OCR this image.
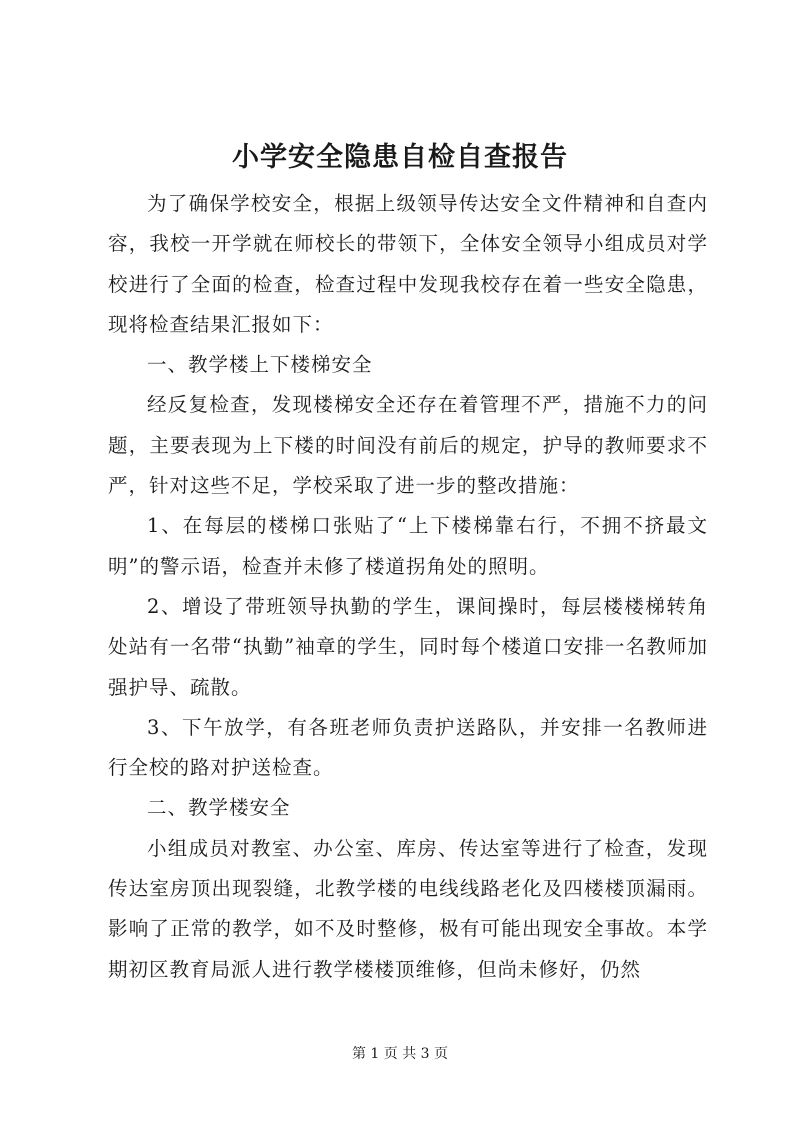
小学安全隐患自检自查报告

为了确保学校安全，根据上级领导传达安全文件精神和自查内容，我校一开学就在师校长的带领下，全体安全领导小组成员对学校进行了全面的检查，检查过程中发现我校存在着一些安全隐患，现将检查结果汇报如下：

一、教学楼上下楼梯安全

经反复检查，发现楼梯安全还存在着管理不严，措施不力的问题，主要表现为上下楼的时间没有前后的规定，护导的教师要求不严，针对这些不足，学校采取了进一步的整改措施：

1、在每层的楼梯口张贴了“上下楼梯靠右行，不拥不挤最文明”的警示语，检查并未修了楼道拐角处的照明。

2、增设了带班领导执勤的学生，课间操时，每层楼楼梯转角处站有一名带“执勤”袖章的学生，同时每个楼道口安排一名教师加强护导、疏散。

3、下午放学，有各班老师负责护送路队，并安排一名教师进行全校的路对护送检查。

二、教学楼安全

小组成员对教室、办公室、库房、传达室等进行了检查，发现传达室房顶出现裂缝，北教学楼的电线线路老化及四楼楼顶漏雨。影响了正常的教学，如不及时整修，极有可能出现安全事故。本学期初区教育局派人进行教学楼楼顶维修，但尚未修好，仍然

第 1 页 共 3 页
